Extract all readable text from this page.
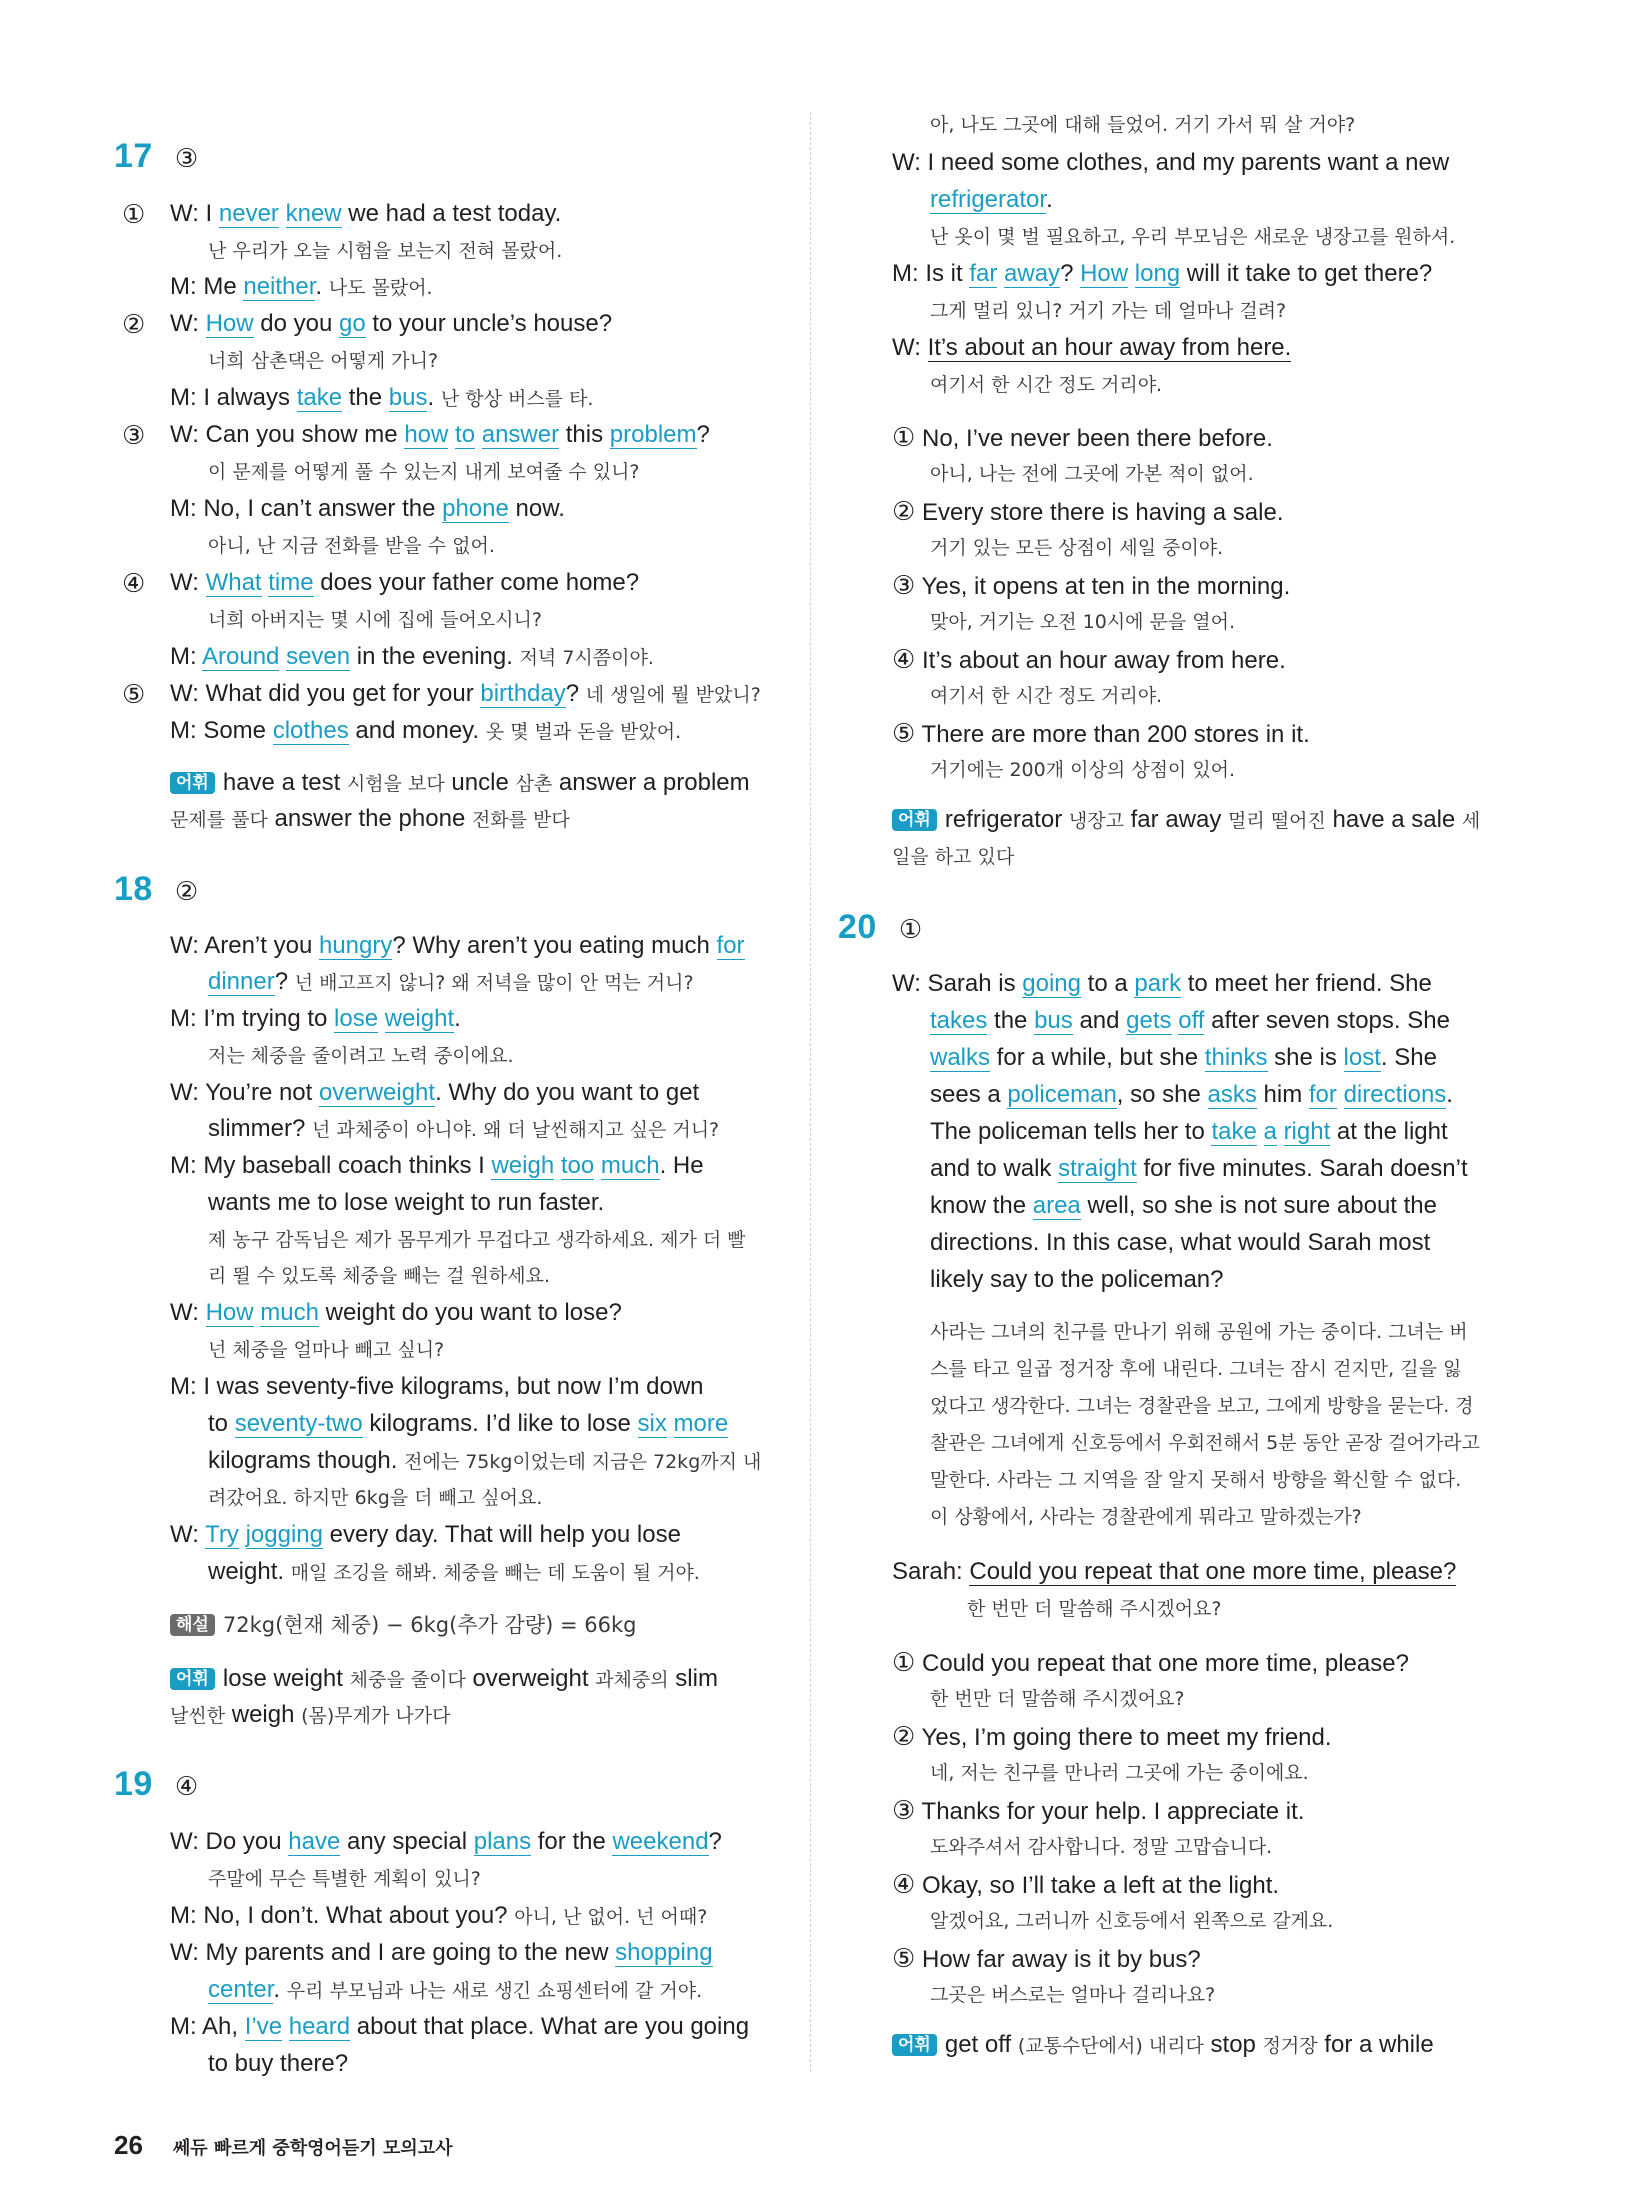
17 ③
① W: I never knew we had a test today.
난 우리가 오늘 시험을 보는지 전혀 몰랐어.
M: Me neither. 나도 몰랐어.
② W: How do you go to your uncle’s house?
너희 삼촌댁은 어떻게 가니?
M: I always take the bus. 난 항상 버스를 타.
③ W: Can you show me how to answer this problem?
이 문제를 어떻게 풀 수 있는지 내게 보여줄 수 있니?
M: No, I can’t answer the phone now.
아니, 난 지금 전화를 받을 수 없어.
④ W: What time does your father come home?
너희 아버지는 몇 시에 집에 들어오시니?
M: Around seven in the evening. 저녁 7시쯤이야.
⑤ W: What did you get for your birthday? 네 생일에 뭘 받았니?
M: Some clothes and money. 옷 몇 벌과 돈을 받았어.
어휘 have a test 시험을 보다 uncle 삼촌 answer a problem
문제를 풀다 answer the phone 전화를 받다
18 ②
W: Aren’t you hungry? Why aren’t you eating much for
dinner? 넌 배고프지 않니? 왜 저녁을 많이 안 먹는 거니?
M: I’m trying to lose weight.
저는 체중을 줄이려고 노력 중이에요.
W: You’re not overweight. Why do you want to get
slimmer? 넌 과체중이 아니야. 왜 더 날씬해지고 싶은 거니?
M: My baseball coach thinks I weigh too much. He
wants me to lose weight to run faster.
제 농구 감독님은 제가 몸무게가 무겁다고 생각하세요. 제가 더 빨
리 뛸 수 있도록 체중을 빼는 걸 원하세요.
W: How much weight do you want to lose?
넌 체중을 얼마나 빼고 싶니?
M: I was seventy-five kilograms, but now I’m down
to seventy-two kilograms. I’d like to lose six more
kilograms though. 전에는 75kg이었는데 지금은 72kg까지 내
려갔어요. 하지만 6kg을 더 빼고 싶어요.
W: Try jogging every day. That will help you lose
weight. 매일 조깅을 해봐. 체중을 빼는 데 도움이 될 거야.
해설 72kg(현재 체중) − 6kg(추가 감량) = 66kg
어휘 lose weight 체중을 줄이다 overweight 과체중의 slim
날씬한 weigh (몸)무게가 나가다
19 ④
W: Do you have any special plans for the weekend?
주말에 무슨 특별한 계획이 있니?
M: No, I don’t. What about you? 아니, 난 없어. 넌 어때?
W: My parents and I are going to the new shopping
center. 우리 부모님과 나는 새로 생긴 쇼핑센터에 갈 거야.
M: Ah, I’ve heard about that place. What are you going
to buy there?
26 쎄듀 빠르게 중학영어듣기 모의고사
아, 나도 그곳에 대해 들었어. 거기 가서 뭐 살 거야?
W: I need some clothes, and my parents want a new
refrigerator.
난 옷이 몇 벌 필요하고, 우리 부모님은 새로운 냉장고를 원하셔.
M: Is it far away? How long will it take to get there?
그게 멀리 있니? 거기 가는 데 얼마나 걸려?
W: It’s about an hour away from here.
여기서 한 시간 정도 거리야.
① No, I’ve never been there before.
아니, 나는 전에 그곳에 가본 적이 없어.
② Every store there is having a sale.
거기 있는 모든 상점이 세일 중이야.
③ Yes, it opens at ten in the morning.
맞아, 거기는 오전 10시에 문을 열어.
④ It’s about an hour away from here.
여기서 한 시간 정도 거리야.
⑤ There are more than 200 stores in it.
거기에는 200개 이상의 상점이 있어.
어휘 refrigerator 냉장고 far away 멀리 떨어진 have a sale 세
일을 하고 있다
20 ①
W: Sarah is going to a park to meet her friend. She
takes the bus and gets off after seven stops. She
walks for a while, but she thinks she is lost. She
sees a policeman, so she asks him for directions.
The policeman tells her to take a right at the light
and to walk straight for five minutes. Sarah doesn’t
know the area well, so she is not sure about the
directions. In this case, what would Sarah most
likely say to the policeman?
사라는 그녀의 친구를 만나기 위해 공원에 가는 중이다. 그녀는 버
스를 타고 일곱 정거장 후에 내린다. 그녀는 잠시 걷지만, 길을 잃
었다고 생각한다. 그녀는 경찰관을 보고, 그에게 방향을 묻는다. 경
찰관은 그녀에게 신호등에서 우회전해서 5분 동안 곧장 걸어가라고
말한다. 사라는 그 지역을 잘 알지 못해서 방향을 확신할 수 없다.
이 상황에서, 사라는 경찰관에게 뭐라고 말하겠는가?
Sarah: Could you repeat that one more time, please?
한 번만 더 말씀해 주시겠어요?
① Could you repeat that one more time, please?
한 번만 더 말씀해 주시겠어요?
② Yes, I’m going there to meet my friend.
네, 저는 친구를 만나러 그곳에 가는 중이에요.
③ Thanks for your help. I appreciate it.
도와주셔서 감사합니다. 정말 고맙습니다.
④ Okay, so I’ll take a left at the light.
알겠어요, 그러니까 신호등에서 왼쪽으로 갈게요.
⑤ How far away is it by bus?
그곳은 버스로는 얼마나 걸리나요?
어휘 get off (교통수단에서) 내리다 stop 정거장 for a while
